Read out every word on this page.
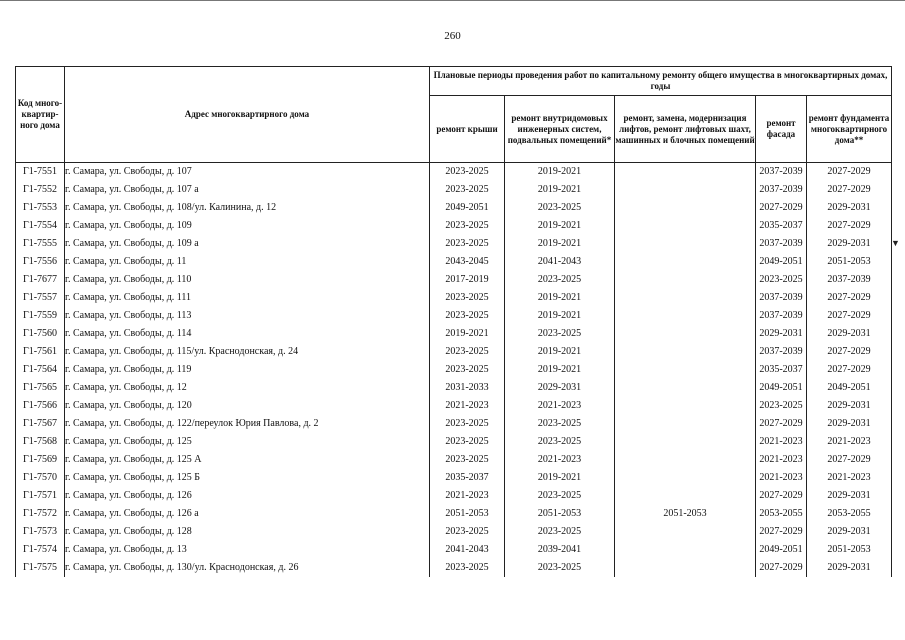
260
Код много-квартир-ного дома	Адрес многоквартирного дома	Плановые периоды проведения работ по капитальному ремонту общего имущества в многоквартирных домах, годы				
		ремонт крыши	ремонт внутридомовых инженерных систем, подвальных помещений*	ремонт, замена, модернизация лифтов, ремонт лифтовых шахт, машинных и блочных помещений	ремонт фасада	ремонт фундамента многоквартирного дома**
Г1-7551	г. Самара, ул. Свободы, д. 107	2023-2025	2019-2021		2037-2039	2027-2029
Г1-7552	г. Самара, ул. Свободы, д. 107 а	2023-2025	2019-2021		2037-2039	2027-2029
Г1-7553	г. Самара, ул. Свободы, д. 108/ул. Калинина, д. 12	2049-2051	2023-2025		2027-2029	2029-2031
Г1-7554	г. Самара, ул. Свободы, д. 109	2023-2025	2019-2021		2035-2037	2027-2029
Г1-7555	г. Самара, ул. Свободы, д. 109 а	2023-2025	2019-2021		2037-2039	2029-2031
Г1-7556	г. Самара, ул. Свободы, д. 11	2043-2045	2041-2043		2049-2051	2051-2053
Г1-7677	г. Самара, ул. Свободы, д. 110	2017-2019	2023-2025		2023-2025	2037-2039
Г1-7557	г. Самара, ул. Свободы, д. 111	2023-2025	2019-2021		2037-2039	2027-2029
Г1-7559	г. Самара, ул. Свободы, д. 113	2023-2025	2019-2021		2037-2039	2027-2029
Г1-7560	г. Самара, ул. Свободы, д. 114	2019-2021	2023-2025		2029-2031	2029-2031
Г1-7561	г. Самара, ул. Свободы, д. 115/ул. Краснодонская, д. 24	2023-2025	2019-2021		2037-2039	2027-2029
Г1-7564	г. Самара, ул. Свободы, д. 119	2023-2025	2019-2021		2035-2037	2027-2029
Г1-7565	г. Самара, ул. Свободы, д. 12	2031-2033	2029-2031		2049-2051	2049-2051
Г1-7566	г. Самара, ул. Свободы, д. 120	2021-2023	2021-2023		2023-2025	2029-2031
Г1-7567	г. Самара, ул. Свободы, д. 122/переулок Юрия Павлова, д. 2	2023-2025	2023-2025		2027-2029	2029-2031
Г1-7568	г. Самара, ул. Свободы, д. 125	2023-2025	2023-2025		2021-2023	2021-2023
Г1-7569	г. Самара, ул. Свободы, д. 125 А	2023-2025	2021-2023		2021-2023	2027-2029
Г1-7570	г. Самара, ул. Свободы, д. 125 Б	2035-2037	2019-2021		2021-2023	2021-2023
Г1-7571	г. Самара, ул. Свободы, д. 126	2021-2023	2023-2025		2027-2029	2029-2031
Г1-7572	г. Самара, ул. Свободы, д. 126 а	2051-2053	2051-2053	2051-2053	2053-2055	2053-2055
Г1-7573	г. Самара, ул. Свободы, д. 128	2023-2025	2023-2025		2027-2029	2029-2031
Г1-7574	г. Самара, ул. Свободы, д. 13	2041-2043	2039-2041		2049-2051	2051-2053
Г1-7575	г. Самара, ул. Свободы, д. 130/ул. Краснодонская, д. 26	2023-2025	2023-2025		2027-2029	2029-2031
▼
